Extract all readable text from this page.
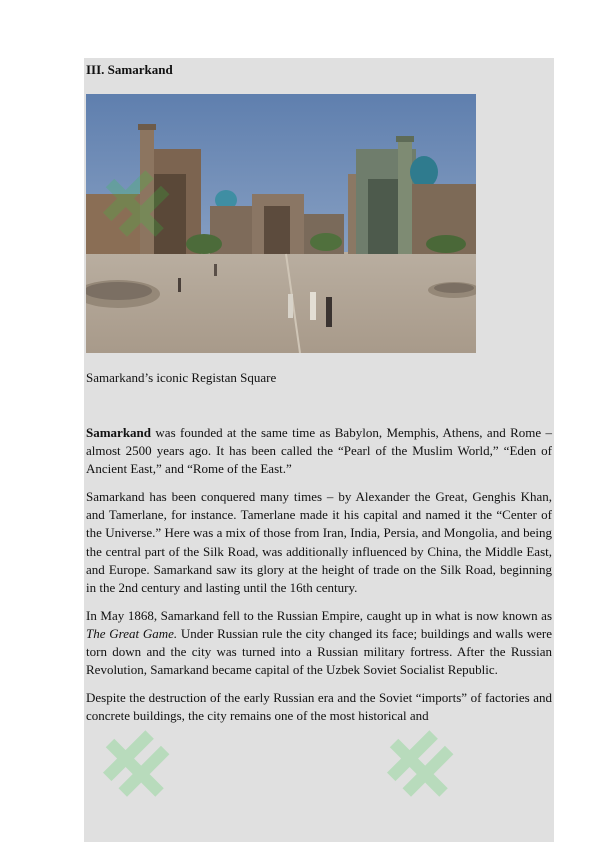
III. Samarkand

Samarkand’s iconic Registan Square

Samarkand was founded at the same time as Babylon, Memphis, Athens, and Rome – almost 2500 years ago. It has been called the “Pearl of the Muslim World,” “Eden of Ancient East,” and “Rome of the East.”

Samarkand has been conquered many times – by Alexander the Great, Genghis Khan, and Tamerlane, for instance. Tamerlane made it his capital and named it the “Center of the Universe.” Here was a mix of those from Iran, India, Persia, and Mongolia, and being the central part of the Silk Road, was additionally influenced by China, the Middle East, and Europe. Samarkand saw its glory at the height of trade on the Silk Road, beginning in the 2nd century and lasting until the 16th century.

In May 1868, Samarkand fell to the Russian Empire, caught up in what is now known as The Great Game. Under Russian rule the city changed its face; buildings and walls were torn down and the city was turned into a Russian military fortress. After the Russian Revolution, Samarkand became capital of the Uzbek Soviet Socialist Republic.

Despite the destruction of the early Russian era and the Soviet “imports” of factories and concrete buildings, the city remains one of the most historical and
